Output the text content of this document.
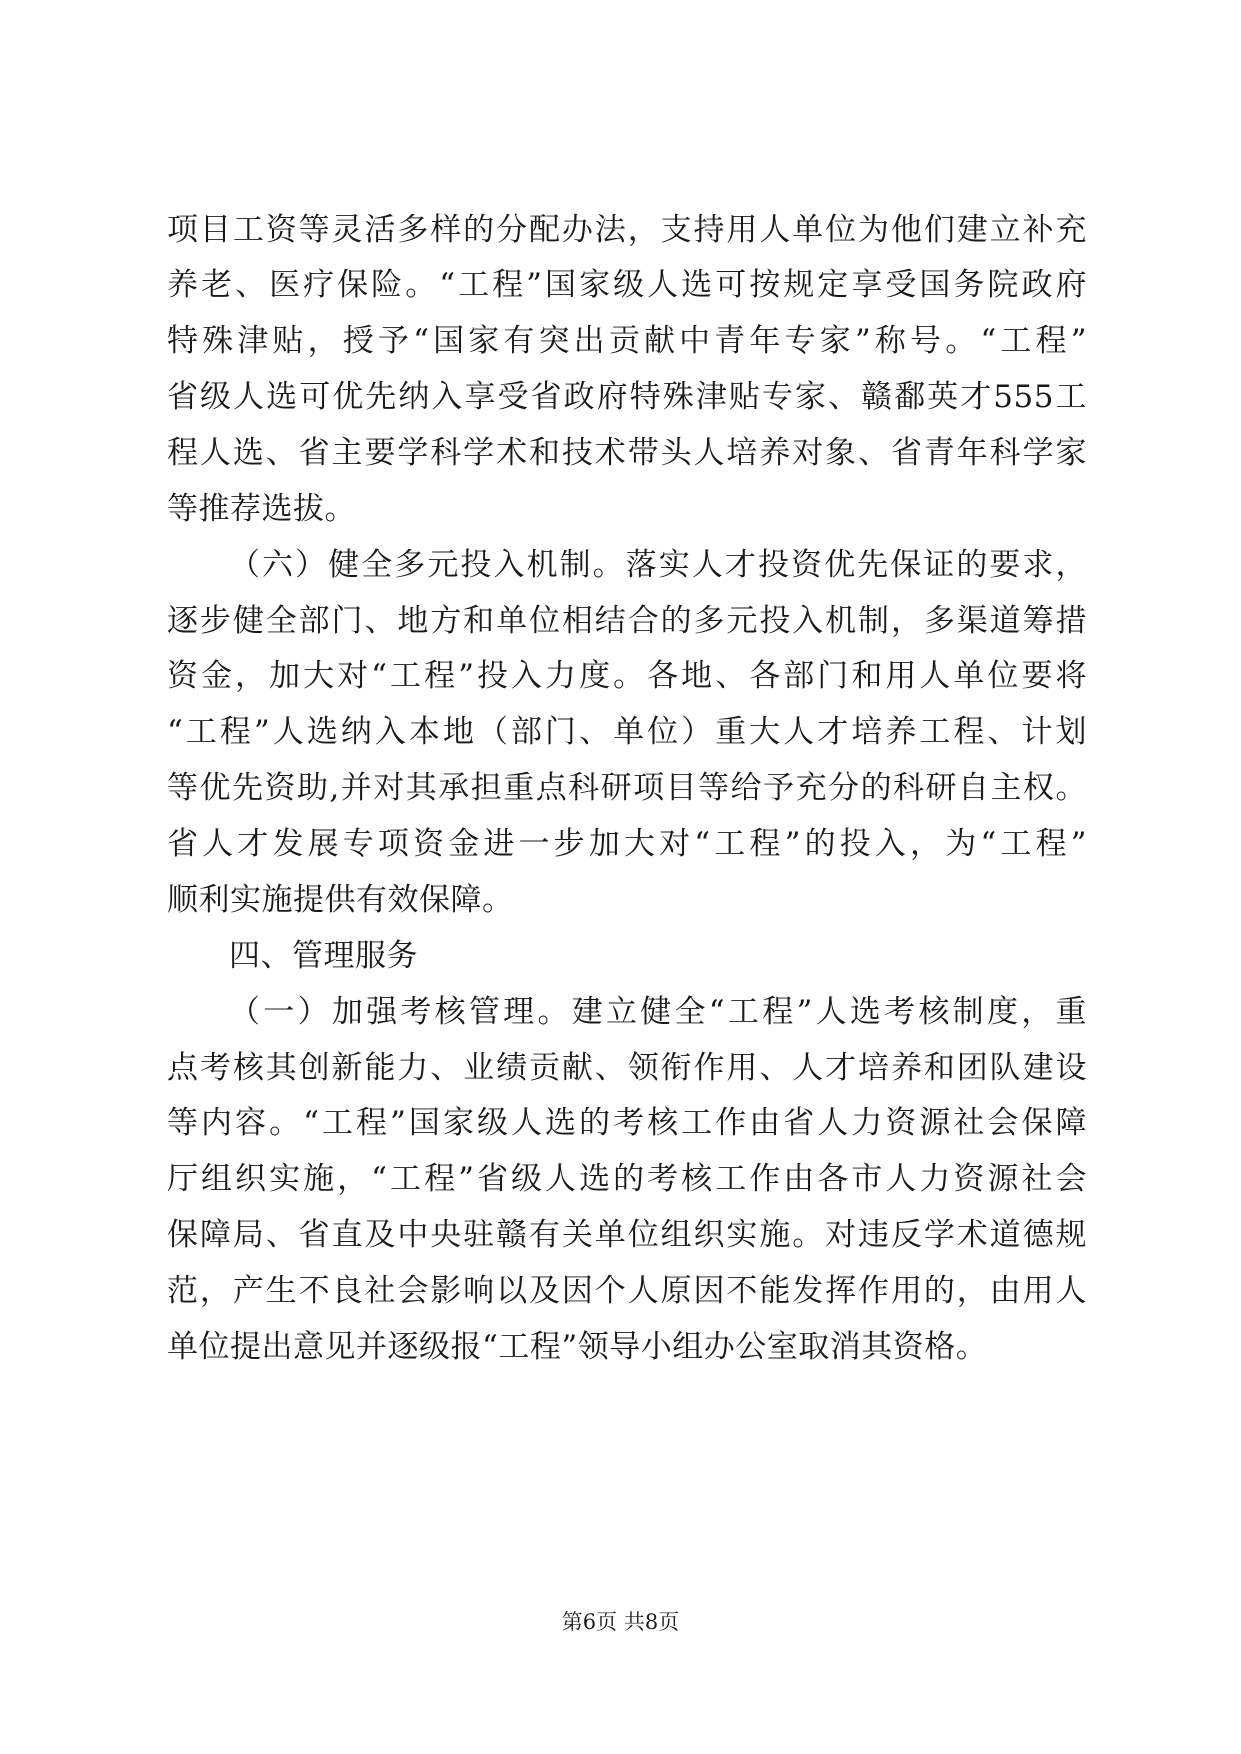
项目工资等灵活多样的分配办法，支持用人单位为他们建立补充
养老、医疗保险。“工程”国家级人选可按规定享受国务院政府
特殊津贴，授予“国家有突出贡献中青年专家”称号。“工程”
省级人选可优先纳入享受省政府特殊津贴专家、赣鄱英才555工
程人选、省主要学科学术和技术带头人培养对象、省青年科学家
等推荐选拔。
（六）健全多元投入机制。落实人才投资优先保证的要求，
逐步健全部门、地方和单位相结合的多元投入机制，多渠道筹措
资金，加大对“工程”投入力度。各地、各部门和用人单位要将
“工程”人选纳入本地（部门、单位）重大人才培养工程、计划
等优先资助,并对其承担重点科研项目等给予充分的科研自主权。
省人才发展专项资金进一步加大对“工程”的投入，为“工程”
顺利实施提供有效保障。
四、管理服务
（一）加强考核管理。建立健全“工程”人选考核制度，重
点考核其创新能力、业绩贡献、领衔作用、人才培养和团队建设
等内容。“工程”国家级人选的考核工作由省人力资源社会保障
厅组织实施，“工程”省级人选的考核工作由各市人力资源社会
保障局、省直及中央驻赣有关单位组织实施。对违反学术道德规
范，产生不良社会影响以及因个人原因不能发挥作用的，由用人
单位提出意见并逐级报“工程”领导小组办公室取消其资格。
第6页 共8页
